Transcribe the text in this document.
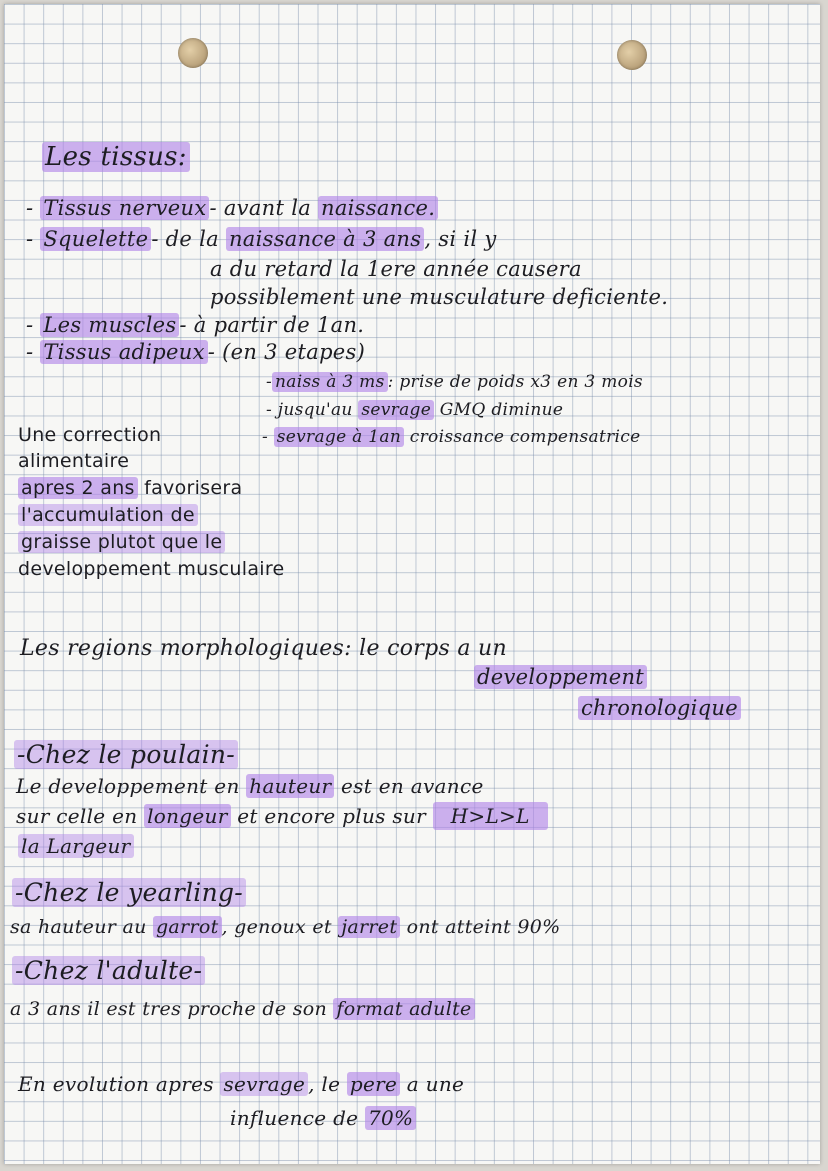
Les tissus:
- Tissus nerveux - avant la naissance.
- Squelette - de la naissance à 3 ans , si il y
a du retard la 1ere année causera
possiblement une musculature deficiente.
- Les muscles - à partir de 1an.
- Tissus adipeux - (en 3 etapes)
- naiss à 3 ms : prise de poids x3 en 3 mois
- jusqu'au sevrage GMQ diminue
- sevrage à 1an croissance compensatrice
Une correction
alimentaire
apres 2 ans favorisera
l'accumulation de
graisse plutot que le
developpement musculaire
Les regions morphologiques: le corps a un
developpement
chronologique
-Chez le poulain-
Le developpement en hauteur est en avance
sur celle en longeur et encore plus sur H>L>L
la Largeur
-Chez le yearling-
sa hauteur au garrot , genoux et jarret ont atteint 90%
-Chez l'adulte-
a 3 ans il est tres proche de son format adulte
En evolution apres sevrage , le pere a une
influence de 70%
